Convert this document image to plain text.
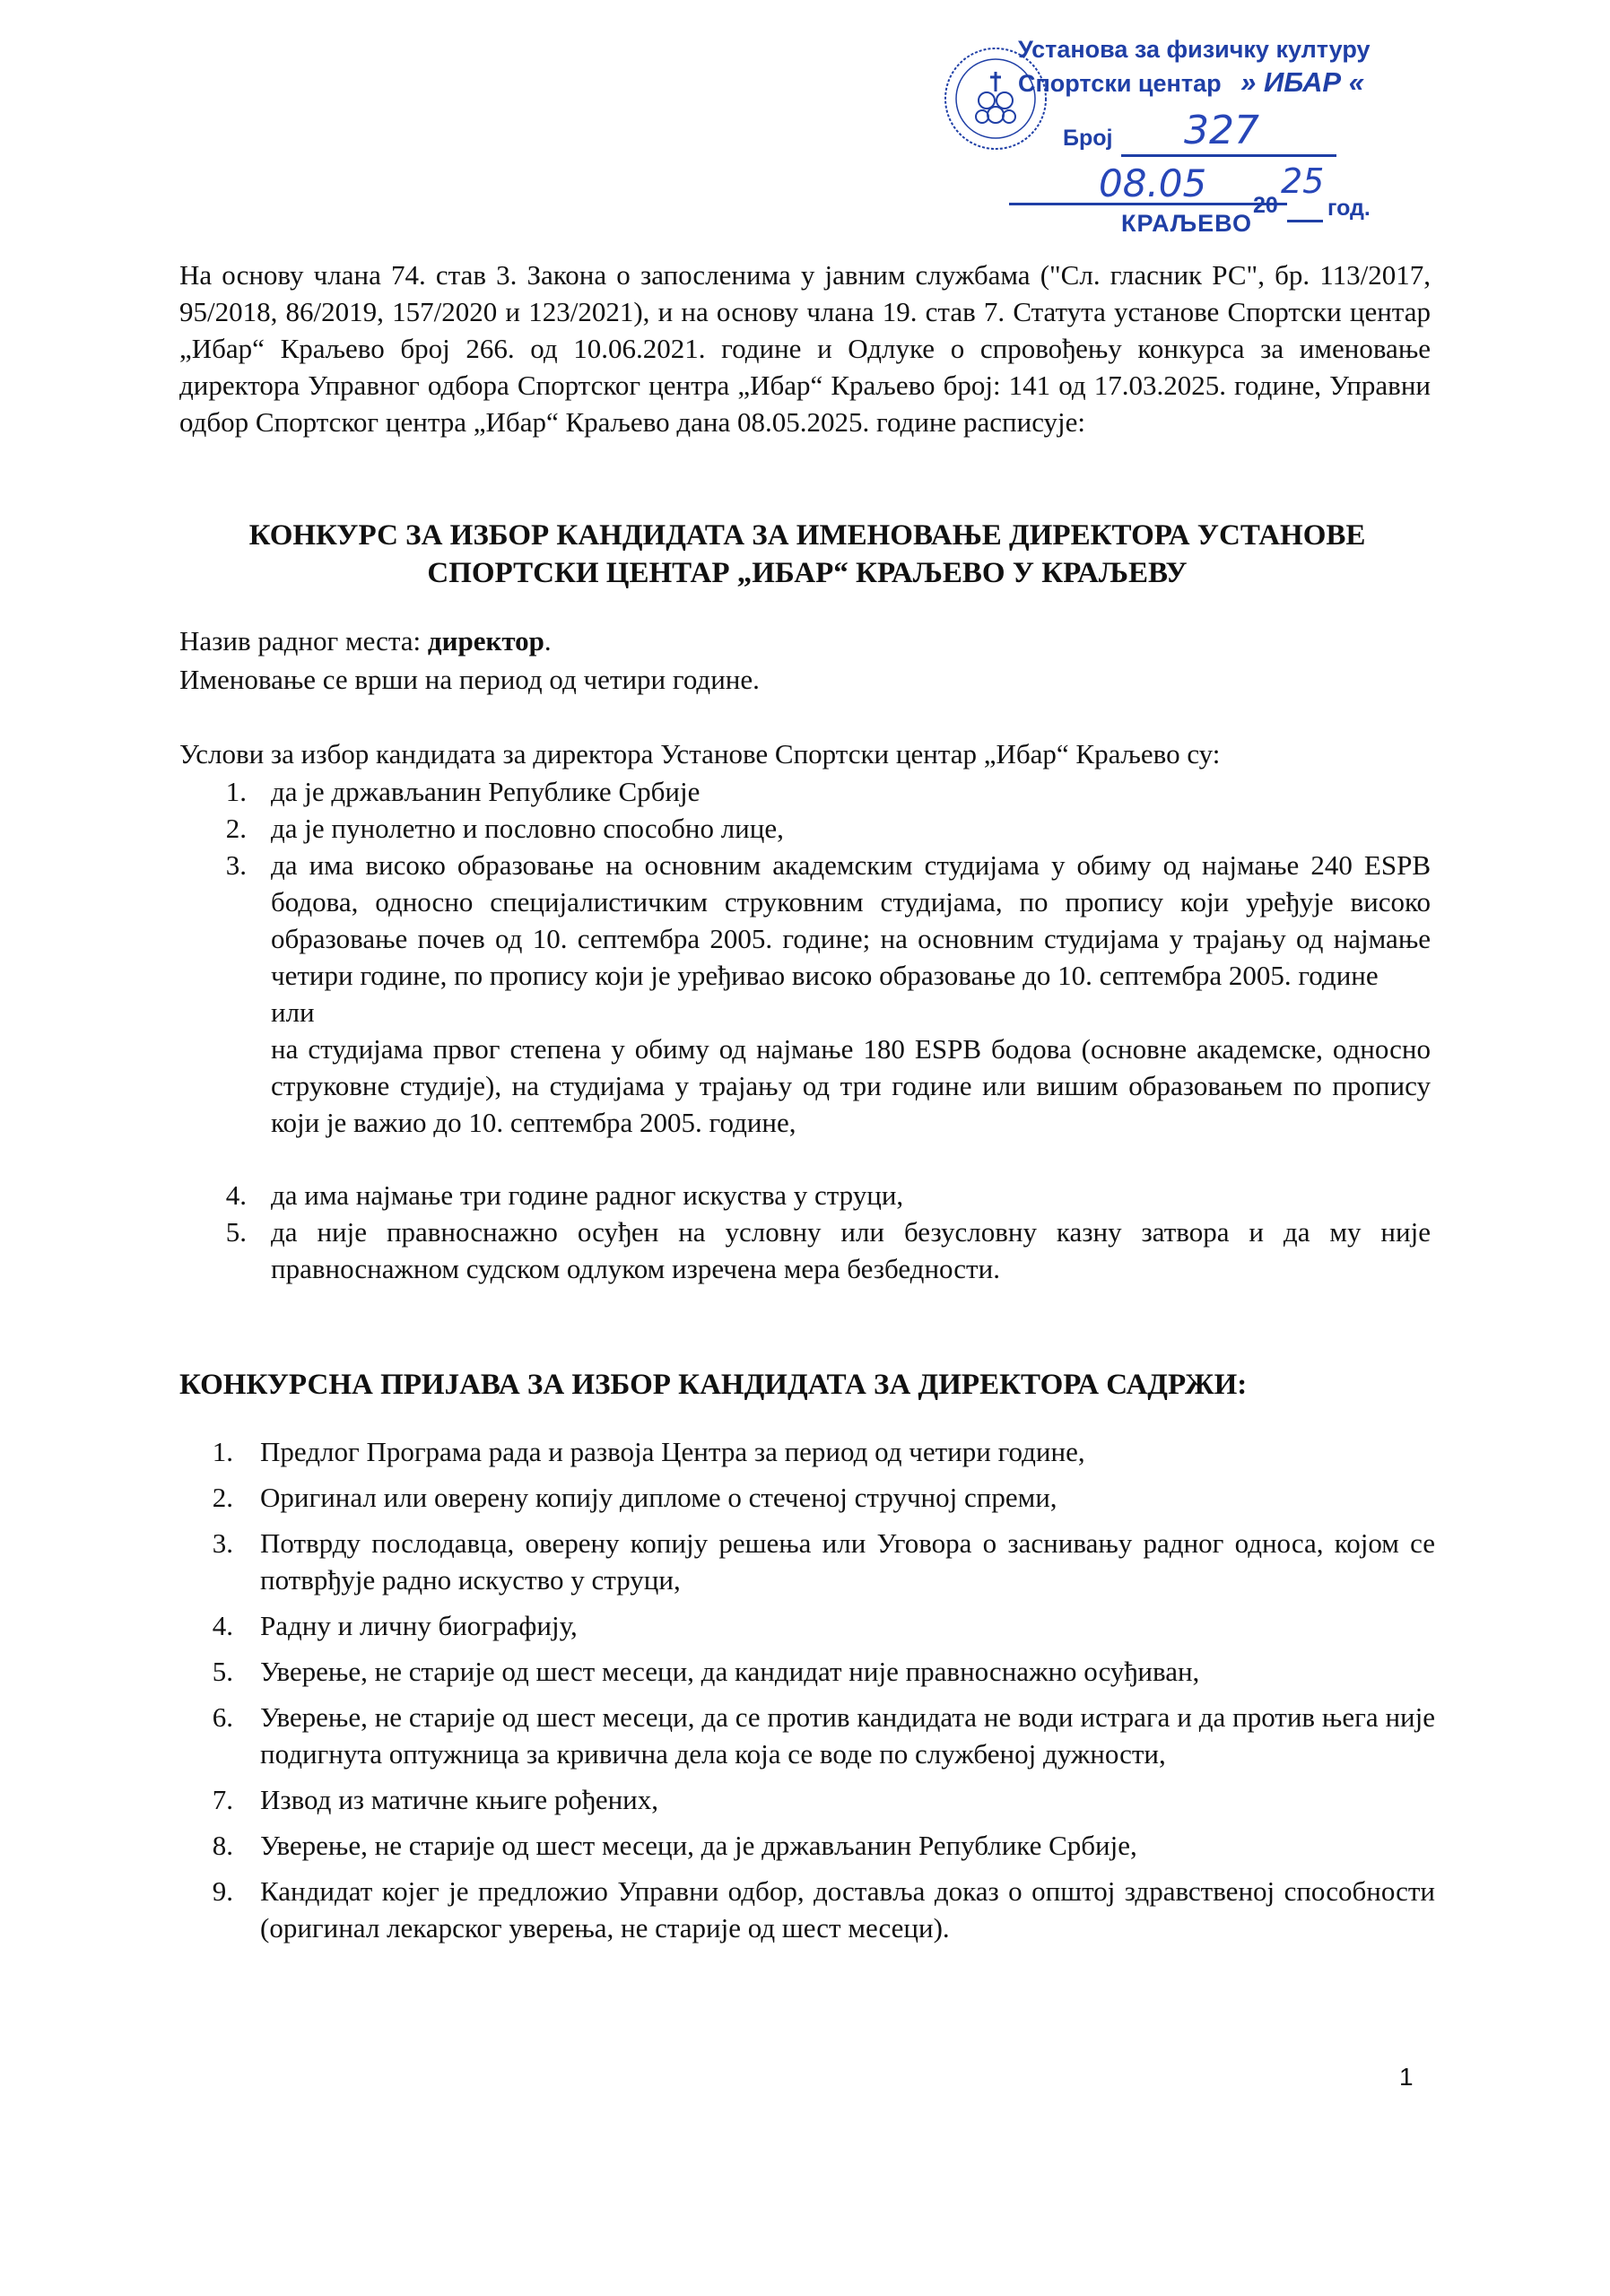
Установа за физичку културу
Спортски центар » ИБАР «
Број 327
08.05 20
25
год.
КРАЉЕВО
На основу члана 74. став 3. Закона о запосленима у јавним службама ("Сл. гласник РС", бр. 113/2017, 95/2018, 86/2019, 157/2020 и 123/2021), и на основу члана 19. став 7. Статута установе Спортски центар „Ибар“ Краљево број 266. од 10.06.2021. године и Одлуке о спровођењу конкурса за именовање директора Управног одбора Спортског центра „Ибар“ Краљево број: 141 од 17.03.2025. године, Управни одбор Спортског центра „Ибар“ Краљево дана 08.05.2025. године расписује:
КОНКУРС ЗА ИЗБОР КАНДИДАТА ЗА ИМЕНОВАЊЕ ДИРЕКТОРА УСТАНОВЕ
СПОРТСКИ ЦЕНТАР „ИБАР“ КРАЉЕВО У КРАЉЕВУ
Назив радног места: директор.
Именовање се врши на период од четири године.
Услови за избор кандидата за директора Установе Спортски центар „Ибар“ Краљево су:
1. да је држављанин Републике Србије
2. да је пунолетно и пословно способно лице,
3. да има високо образовање на основним академским студијама у обиму од најмање 240 ESPB бодова, односно специјалистичким струковним студијама, по пропису који уређује високо образовање почев од 10. септембра 2005. године; на основним студијама у трајању од најмање четири године, по пропису који је уређивао високо образовање до 10. септембра 2005. године
или
на студијама првог степена у обиму од најмање 180 ESPB бодова (основне академске, односно струковне студије), на студијама у трајању од три године или вишим образовањем по пропису који је важио до 10. септембра 2005. године,
4. да има најмање три године радног искуства у струци,
5. да није правноснажно осуђен на условну или безусловну казну затвора и да му није правноснажном судском одлуком изречена мера безбедности.
КОНКУРСНА ПРИЈАВА ЗА ИЗБОР КАНДИДАТА ЗА ДИРЕКТОРА САДРЖИ:
1. Предлог Програма рада и развоја Центра за период од четири године,
2. Оригинал или оверену копију дипломе о стеченој стручној спреми,
3. Потврду послодавца, оверену копију решења или Уговора о заснивању радног односа, којом се потврђује радно искуство у струци,
4. Радну и личну биографију,
5. Уверење, не старије од шест месеци, да кандидат није правноснажно осуђиван,
6. Уверење, не старије од шест месеци, да се против кандидата не води истрага и да против њега није подигнута оптужница за кривична дела која се воде по службеној дужности,
7. Извод из матичне књиге рођених,
8. Уверење, не старије од шест месеци, да је држављанин Републике Србије,
9. Кандидат којег је предложио Управни одбор, доставља доказ о општој здравственој способности (оригинал лекарског уверења, не старије од шест месеци).
1
